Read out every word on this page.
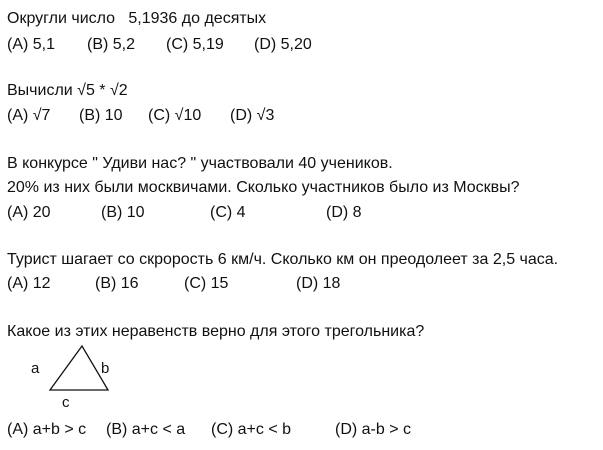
Округли число   5,1936 до десятых
(A) 5,1 (B) 5,2 (C) 5,19 (D) 5,20
Вычисли √5 * √2
(A) √7 (B) 10 (C) √10 (D) √3
В конкурсе " Удиви нас? " участвовали 40 учеников.
20% из них были москвичами. Сколько участников было из Москвы?
(A) 20	(B) 10	(C) 4	(D) 8
Турист шагает со скророcть 6 км/ч. Сколько км он преодолеет за 2,5 часа.
(A) 12	(B) 16	(C) 15	(D) 18
Какое из этих неравенств верно для этого трегольника?
a	b
c
(A) a+b > c (B) a+c < a (C) a+c < b	(D) a-b > c
